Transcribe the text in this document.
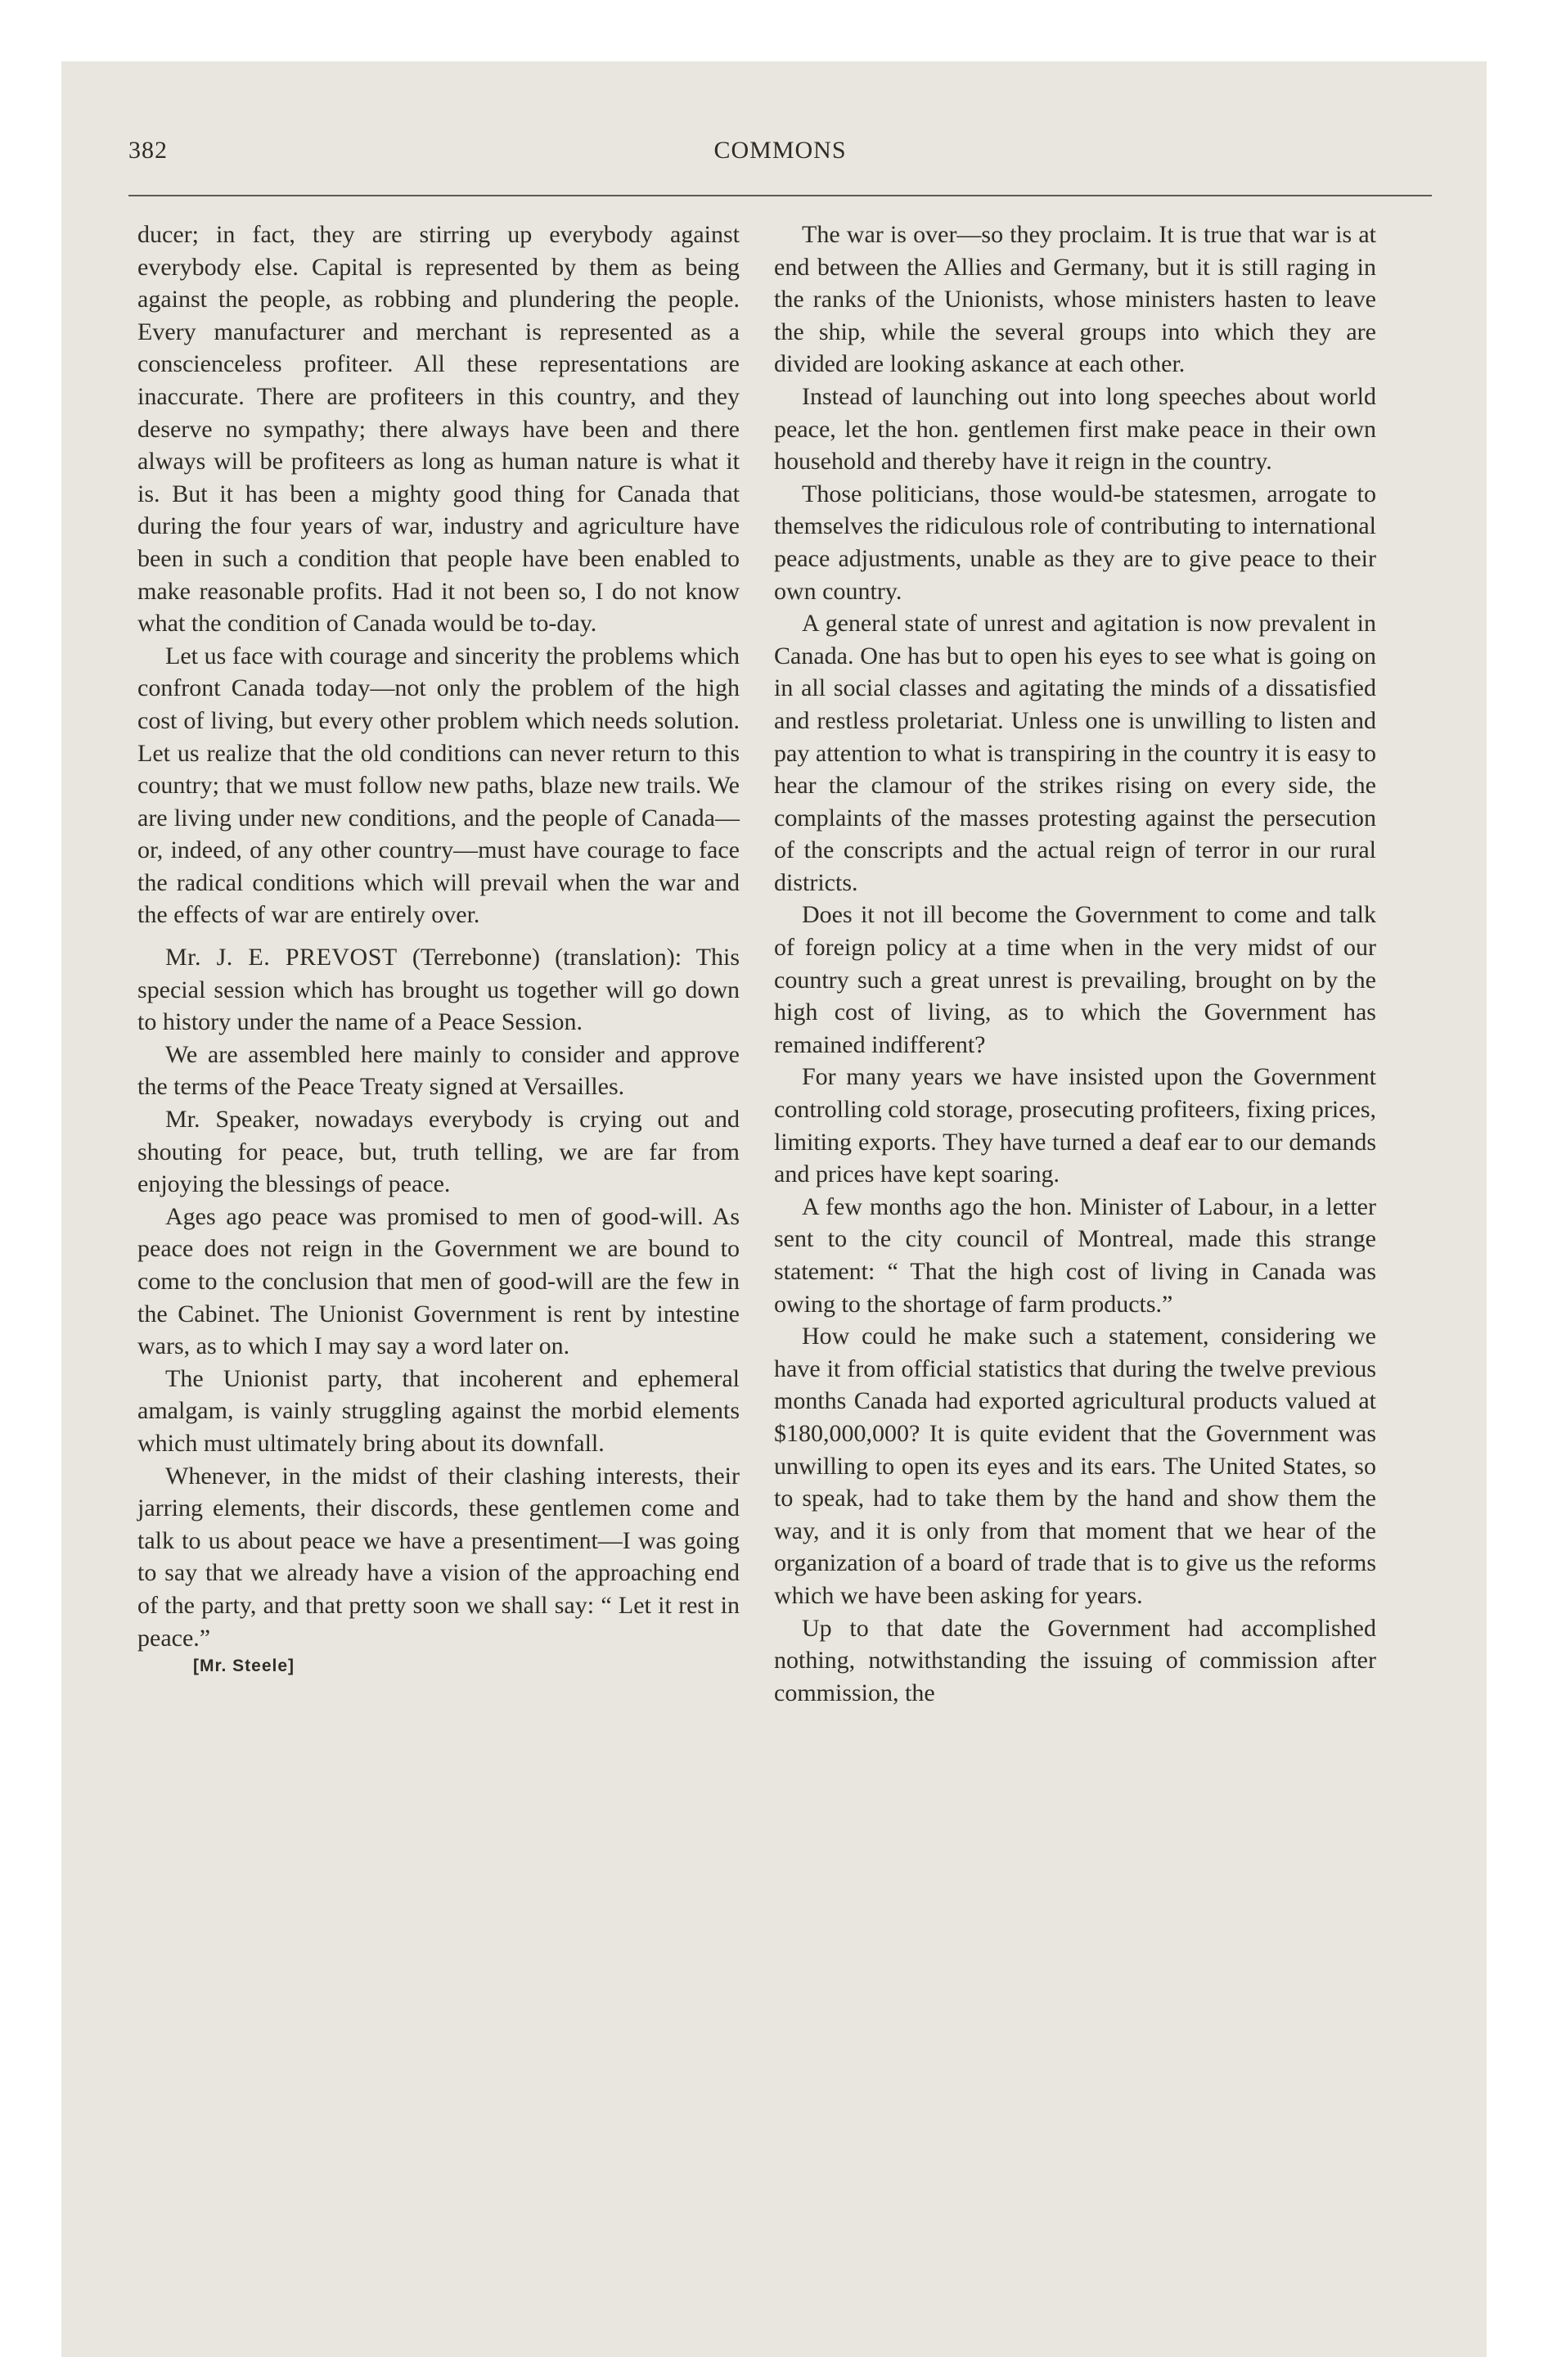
382	COMMONS

ducer; in fact, they are stirring up everybody against everybody else. Capital is represented by them as being against the people, as robbing and plundering the people. Every manufacturer and merchant is represented as a conscienceless profiteer. All these representations are inaccurate. There are profiteers in this country, and they deserve no sympathy; there always have been and there always will be profiteers as long as human nature is what it is. But it has been a mighty good thing for Canada that during the four years of war, industry and agriculture have been in such a condition that people have been enabled to make reasonable profits. Had it not been so, I do not know what the condition of Canada would be to-day.

Let us face with courage and sincerity the problems which confront Canada today—not only the problem of the high cost of living, but every other problem which needs solution. Let us realize that the old conditions can never return to this country; that we must follow new paths, blaze new trails. We are living under new conditions, and the people of Canada—or, indeed, of any other country—must have courage to face the radical conditions which will prevail when the war and the effects of war are entirely over.

Mr. J. E. PREVOST (Terrebonne) (translation): This special session which has brought us together will go down to history under the name of a Peace Session.

We are assembled here mainly to consider and approve the terms of the Peace Treaty signed at Versailles.

Mr. Speaker, nowadays everybody is crying out and shouting for peace, but, truth telling, we are far from enjoying the blessings of peace.

Ages ago peace was promised to men of good-will. As peace does not reign in the Government we are bound to come to the conclusion that men of good-will are the few in the Cabinet. The Unionist Government is rent by intestine wars, as to which I may say a word later on.

The Unionist party, that incoherent and ephemeral amalgam, is vainly struggling against the morbid elements which must ultimately bring about its downfall.

Whenever, in the midst of their clashing interests, their jarring elements, their discords, these gentlemen come and talk to us about peace we have a presentiment—I was going to say that we already have a vision of the approaching end of the party, and that pretty soon we shall say: “ Let it rest in peace.”

[Mr. Steele]

The war is over—so they proclaim. It is true that war is at end between the Allies and Germany, but it is still raging in the ranks of the Unionists, whose ministers hasten to leave the ship, while the several groups into which they are divided are looking askance at each other.

Instead of launching out into long speeches about world peace, let the hon. gentlemen first make peace in their own household and thereby have it reign in the country.

Those politicians, those would-be statesmen, arrogate to themselves the ridiculous role of contributing to international peace adjustments, unable as they are to give peace to their own country.

A general state of unrest and agitation is now prevalent in Canada. One has but to open his eyes to see what is going on in all social classes and agitating the minds of a dissatisfied and restless proletariat. Unless one is unwilling to listen and pay attention to what is transpiring in the country it is easy to hear the clamour of the strikes rising on every side, the complaints of the masses protesting against the persecution of the conscripts and the actual reign of terror in our rural districts.

Does it not ill become the Government to come and talk of foreign policy at a time when in the very midst of our country such a great unrest is prevailing, brought on by the high cost of living, as to which the Government has remained indifferent?

For many years we have insisted upon the Government controlling cold storage, prosecuting profiteers, fixing prices, limiting exports. They have turned a deaf ear to our demands and prices have kept soaring.

A few months ago the hon. Minister of Labour, in a letter sent to the city council of Montreal, made this strange statement: “ That the high cost of living in Canada was owing to the shortage of farm products.”

How could he make such a statement, considering we have it from official statistics that during the twelve previous months Canada had exported agricultural products valued at $180,000,000? It is quite evident that the Government was unwilling to open its eyes and its ears. The United States, so to speak, had to take them by the hand and show them the way, and it is only from that moment that we hear of the organization of a board of trade that is to give us the reforms which we have been asking for years.

Up to that date the Government had accomplished nothing, notwithstanding the issuing of commission after commission, the
